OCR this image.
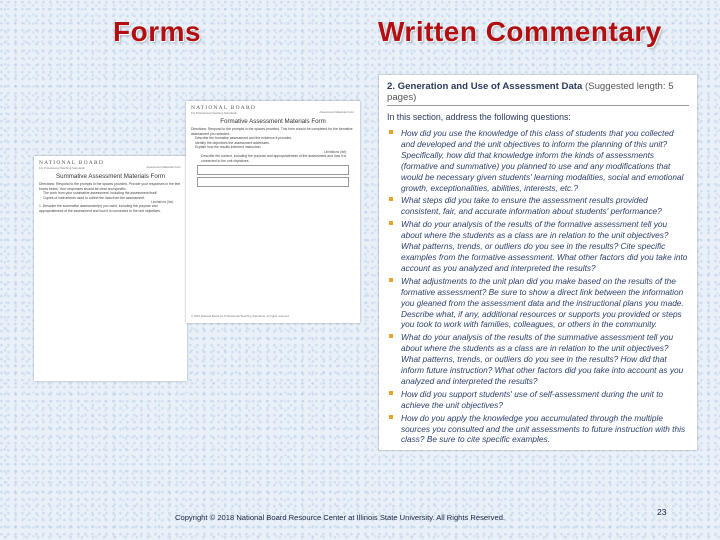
Forms	Written Commentary
NATIONAL BOARD
For Professional Teaching Standards	Assessment Materials Form
Summative Assessment Materials Form
Directions: Respond to the prompts in the spaces provided. Provide your responses in the text boxes below. Your responses should be clear and specific.
The work from your summative assessment, including the assessment itself.
Copies of instruments used to collect the data from the assessment.
Limitations (list):
1. Describe the summative assessment(s) you used, including the purpose and appropriateness of the assessment and how it is connected to the unit objectives.
NATIONAL BOARD
For Professional Teaching Standards	Assessment Materials Form
Formative Assessment Materials Form
Directions: Respond to the prompts in the spaces provided. This form should be completed for the formative assessment you selected.
Describe the formative assessment and the evidence it provides.
Identify the objectives the assessment addresses.
Explain how the results informed instruction.
Limitations (list):
Describe the context, including the purpose and appropriateness of the assessment and how it is connected to the unit objectives.
© 2015 National Board for Professional Teaching Standards. All rights reserved.
2. Generation and Use of Assessment Data (Suggested length: 5 pages)
In this section, address the following questions:
How did you use the knowledge of this class of students that you collected and developed and the unit objectives to inform the planning of this unit? Specifically, how did that knowledge inform the kinds of assessments (formative and summative) you planned to use and any modifications that would be necessary given students' learning modalities, social and emotional growth, exceptionalities, abilities, interests, etc.?
What steps did you take to ensure the assessment results provided consistent, fair, and accurate information about students' performance?
What do your analysis of the results of the formative assessment tell you about where the students as a class are in relation to the unit objectives? What patterns, trends, or outliers do you see in the results? Cite specific examples from the formative assessment. What other factors did you take into account as you analyzed and interpreted the results?
What adjustments to the unit plan did you make based on the results of the formative assessment? Be sure to show a direct link between the information you gleaned from the assessment data and the instructional plans you made. Describe what, if any, additional resources or supports you provided or steps you took to work with families, colleagues, or others in the community.
What do your analysis of the results of the summative assessment tell you about where the students as a class are in relation to the unit objectives? What patterns, trends, or outliers do you see in the results? How did that inform future instruction? What other factors did you take into account as you analyzed and interpreted the results?
How did you support students' use of self-assessment during the unit to achieve the unit objectives?
How do you apply the knowledge you accumulated through the multiple sources you consulted and the unit assessments to future instruction with this class? Be sure to cite specific examples.
Copyright © 2018 National Board Resource Center at Illinois State University. All Rights Reserved.
23
